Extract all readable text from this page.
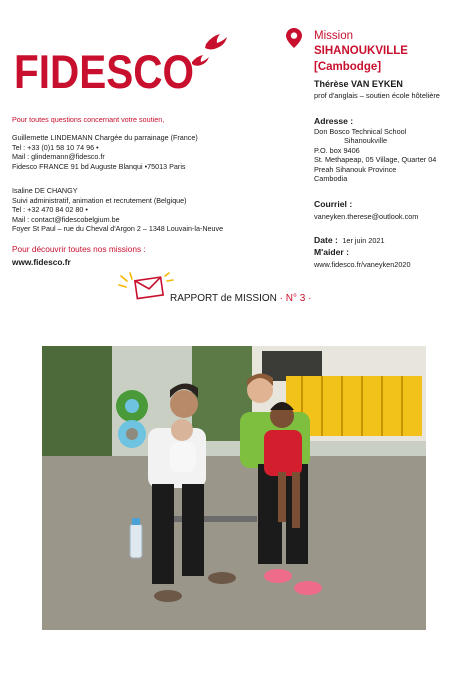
FIDESCO
Pour toutes questions concernant votre soutien,
Guillemette LINDEMANN Chargée du parrainage (France)
Tel : +33 (0)1 58 10 74 96 •
Mail : glindemann@fidesco.fr
Fidesco FRANCE 91 bd Auguste Blanqui •75013 Paris
Isaline DE CHANGY
Suivi administratif, animation et recrutement (Belgique)
Tel : +32 470 84 02 80 •
Mail : contact@fidescobelgium.be
Foyer St Paul – rue du Cheval d'Argon 2 – 1348 Louvain-la-Neuve
Pour découvrir toutes nos missions :
www.fidesco.fr
Mission
SIHANOUKVILLE
[Cambodge]
Thérèse VAN EYKEN
prof d'anglais – soutien école hôtelière
Adresse :
Don Bosco Technical School
Sihanoukville
P.O. box 9406
St. Methapeap, 05 Village, Quarter 04
Preah Sihanouk Province
Cambodia
Courriel :
vaneyken.therese@outlook.com
Date : 1er juin 2021
M'aider :
www.fidesco.fr/vaneyken2020
RAPPORT de MISSION · N° 3 ·
